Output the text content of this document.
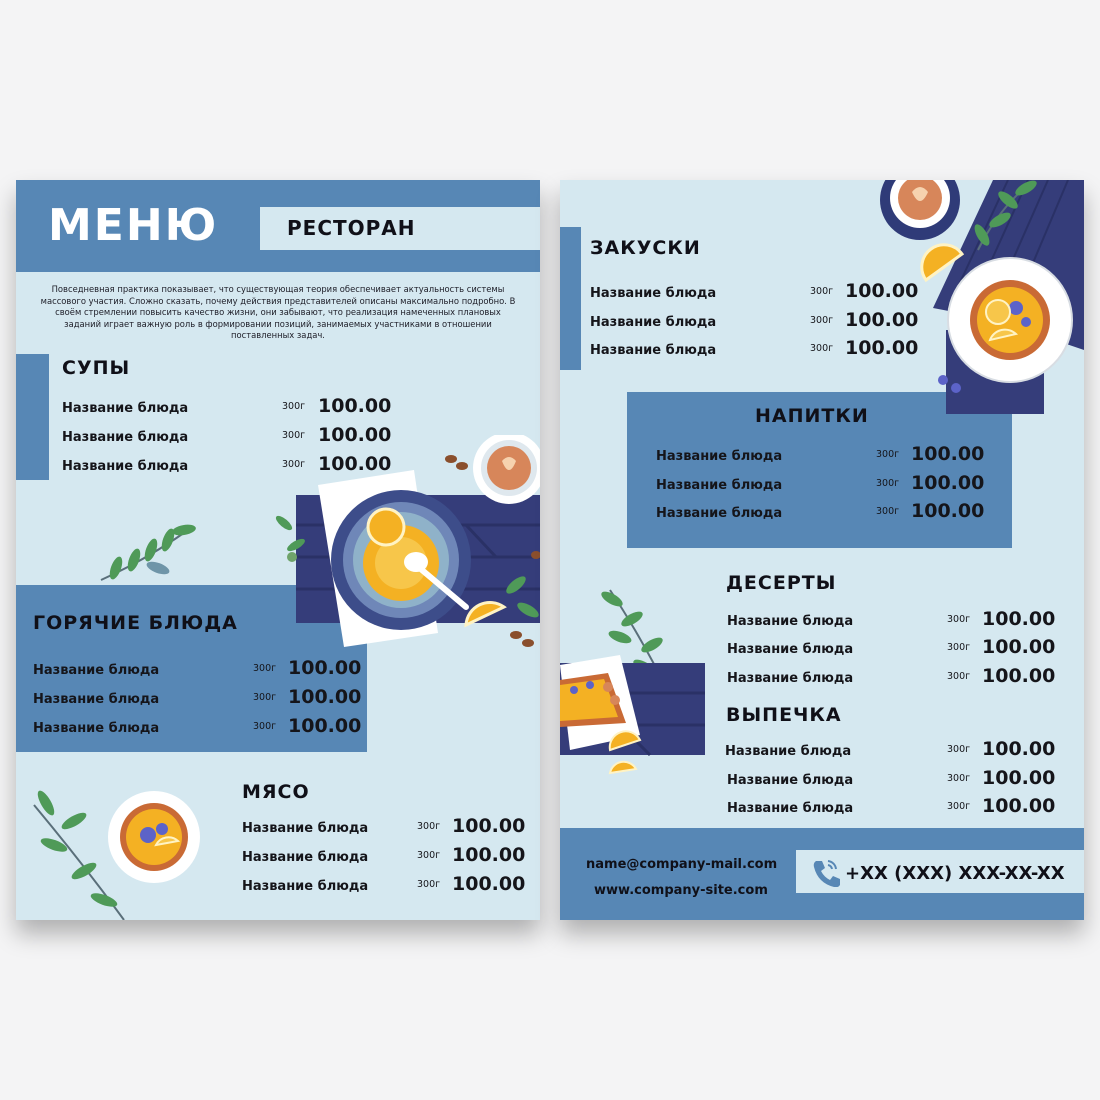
МЕНЮ	РЕСТОРАН
Повседневная практика показывает, что существующая теория обеспечивает актуальность системы массового участия. Сложно сказать, почему действия представителей описаны максимально подробно. В своём стремлении повысить качество жизни, они забывают, что реализация намеченных плановых заданий играет важную роль в формировании позиций, занимаемых участниками в отношении поставленных задач.
СУПЫ
Название блюда	300г 100.00
Название блюда	300г 100.00
Название блюда	300г 100.00
ГОРЯЧИЕ БЛЮДА
Название блюда	300г 100.00
Название блюда	300г 100.00
Название блюда	300г 100.00
МЯСО
Название блюда	300г 100.00
Название блюда	300г 100.00
Название блюда	300г 100.00
ЗАКУСКИ
Название блюда	300г 100.00
Название блюда	300г 100.00
Название блюда	300г 100.00
НАПИТКИ
Название блюда	300г 100.00
Название блюда	300г 100.00
Название блюда	300г 100.00
ДЕСЕРТЫ
Название блюда	300г 100.00
Название блюда	300г 100.00
Название блюда	300г 100.00
ВЫПЕЧКА
Название блюда	300г 100.00
Название блюда	300г 100.00
Название блюда	300г 100.00
name@company-mail.com
www.company-site.com
+XX (XXX) XXX-XX-XX
